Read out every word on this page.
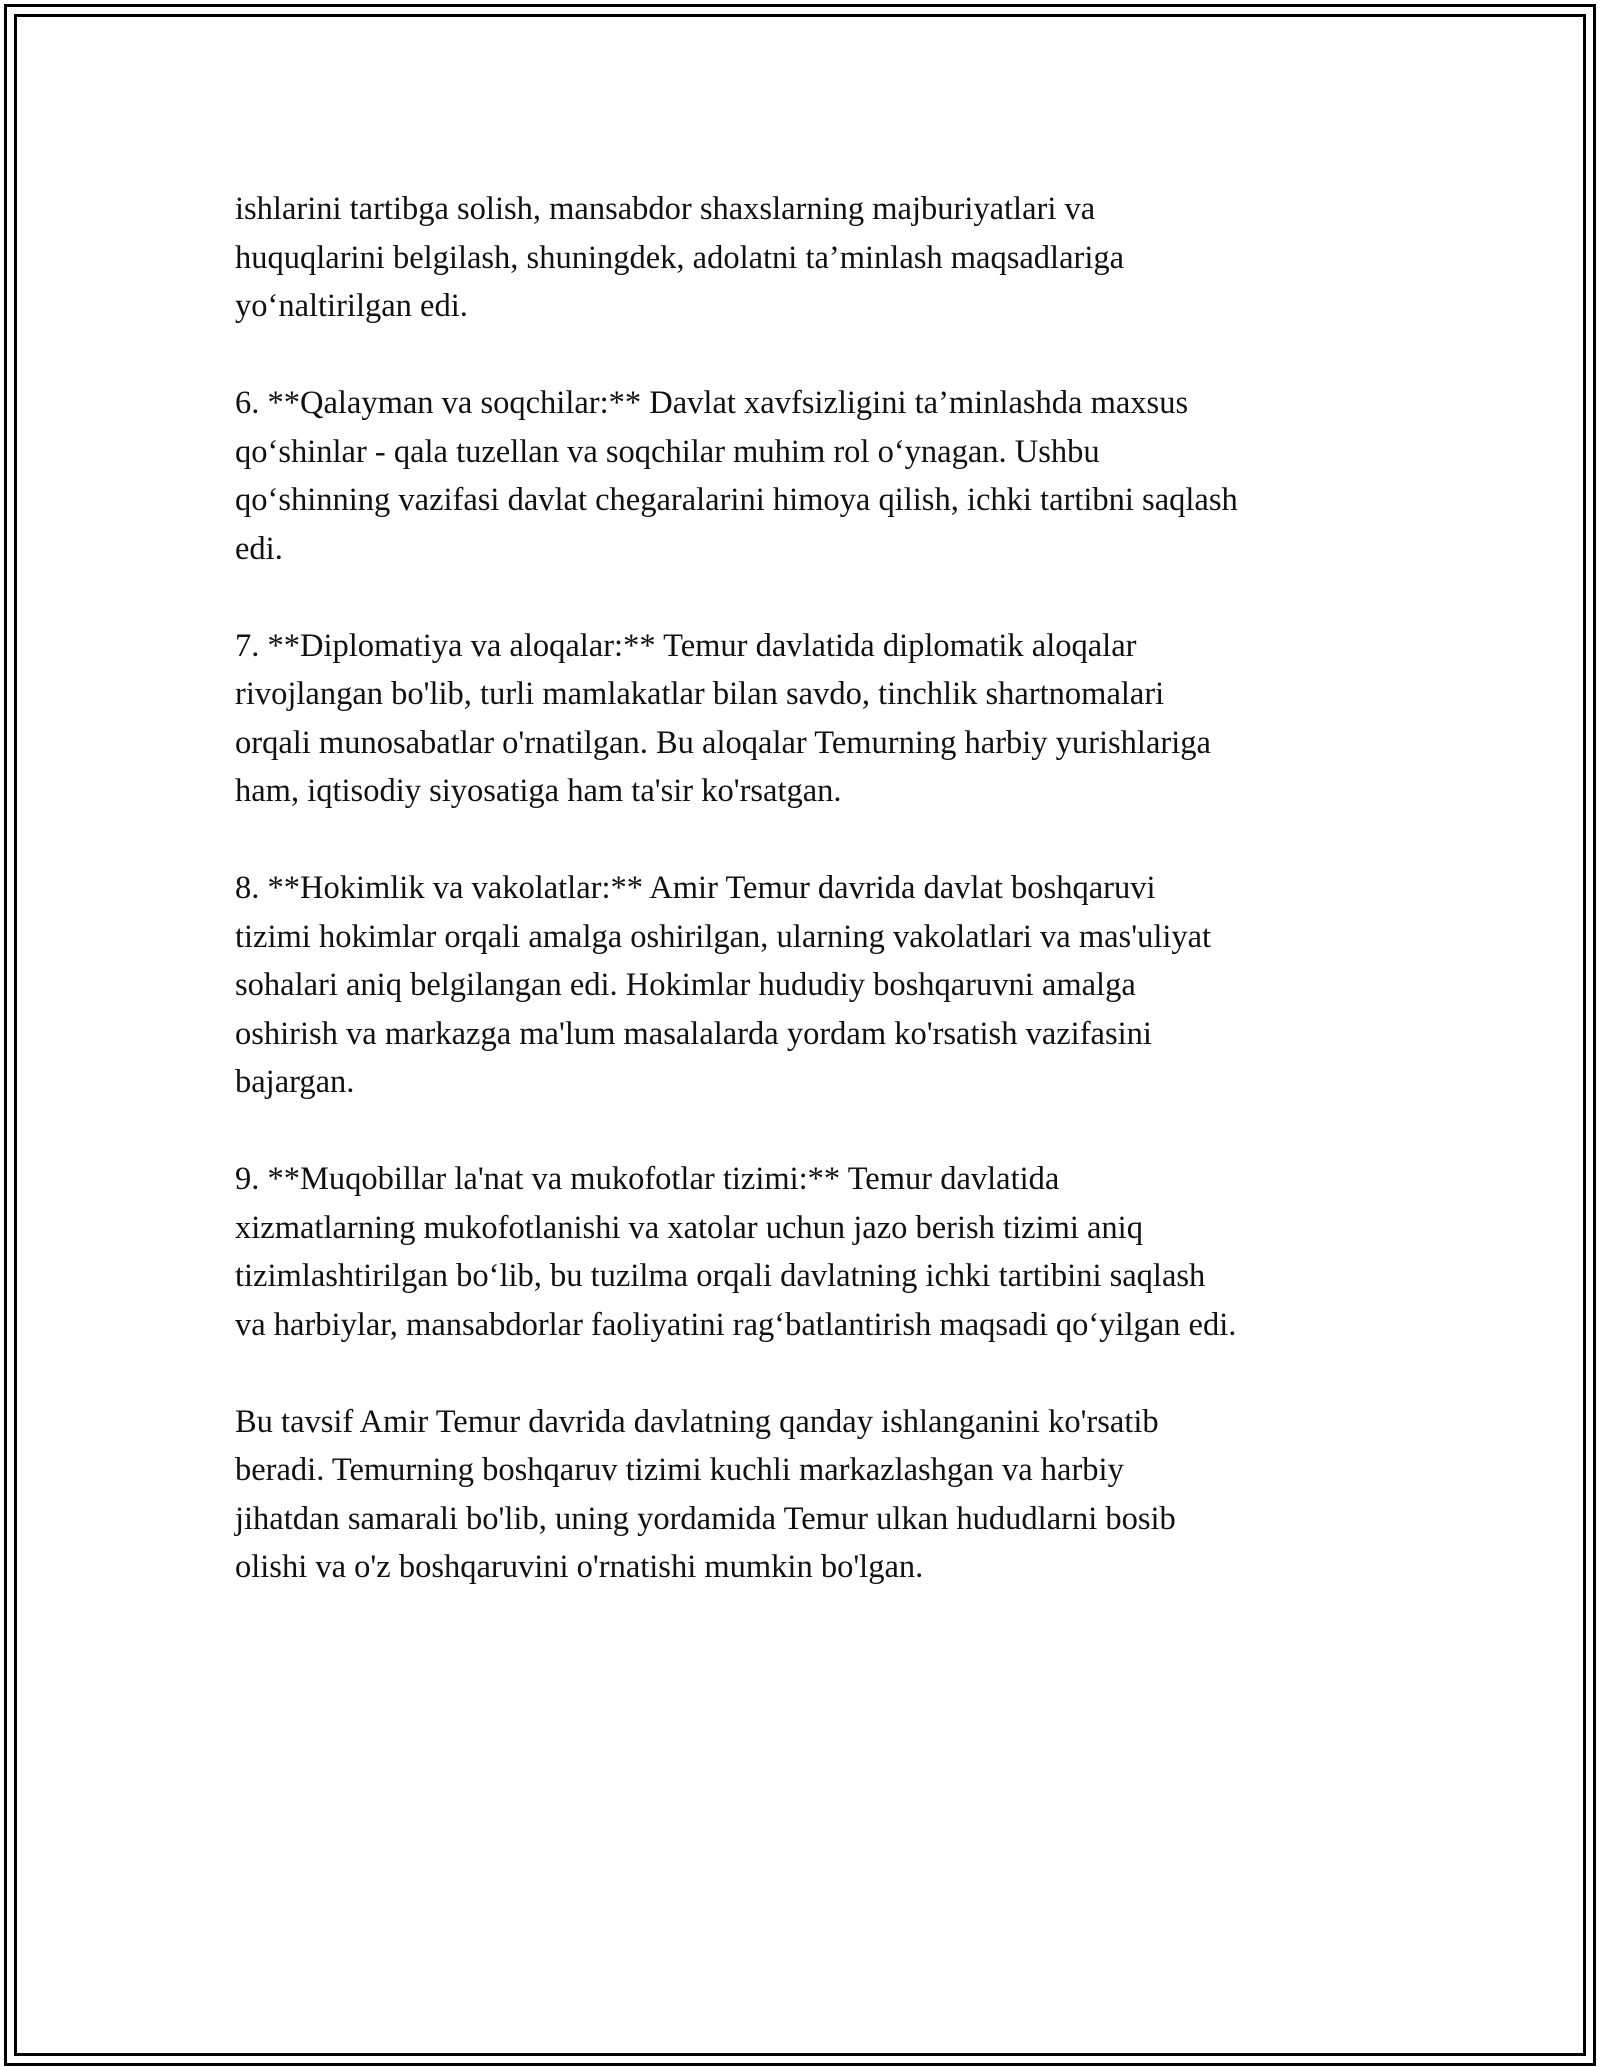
ishlarini tartibga solish, mansabdor shaxslarning majburiyatlari va
huquqlarini belgilash, shuningdek, adolatni ta’minlash maqsadlariga
yo‘naltirilgan edi.

6. **Qalayman va soqchilar:** Davlat xavfsizligini ta’minlashda maxsus
qo‘shinlar - qala tuzellan va soqchilar muhim rol o‘ynagan. Ushbu
qo‘shinning vazifasi davlat chegaralarini himoya qilish, ichki tartibni saqlash
edi.

7. **Diplomatiya va aloqalar:** Temur davlatida diplomatik aloqalar
rivojlangan bo'lib, turli mamlakatlar bilan savdo, tinchlik shartnomalari
orqali munosabatlar o'rnatilgan. Bu aloqalar Temurning harbiy yurishlariga
ham, iqtisodiy siyosatiga ham ta'sir ko'rsatgan.

8. **Hokimlik va vakolatlar:** Amir Temur davrida davlat boshqaruvi
tizimi hokimlar orqali amalga oshirilgan, ularning vakolatlari va mas'uliyat
sohalari aniq belgilangan edi. Hokimlar hududiy boshqaruvni amalga
oshirish va markazga ma'lum masalalarda yordam ko'rsatish vazifasini
bajargan.

9. **Muqobillar la'nat va mukofotlar tizimi:** Temur davlatida
xizmatlarning mukofotlanishi va xatolar uchun jazo berish tizimi aniq
tizimlashtirilgan bo‘lib, bu tuzilma orqali davlatning ichki tartibini saqlash
va harbiylar, mansabdorlar faoliyatini rag‘batlantirish maqsadi qo‘yilgan edi.

Bu tavsif Amir Temur davrida davlatning qanday ishlanganini ko'rsatib
beradi. Temurning boshqaruv tizimi kuchli markazlashgan va harbiy
jihatdan samarali bo'lib, uning yordamida Temur ulkan hududlarni bosib
olishi va o'z boshqaruvini o'rnatishi mumkin bo'lgan.
